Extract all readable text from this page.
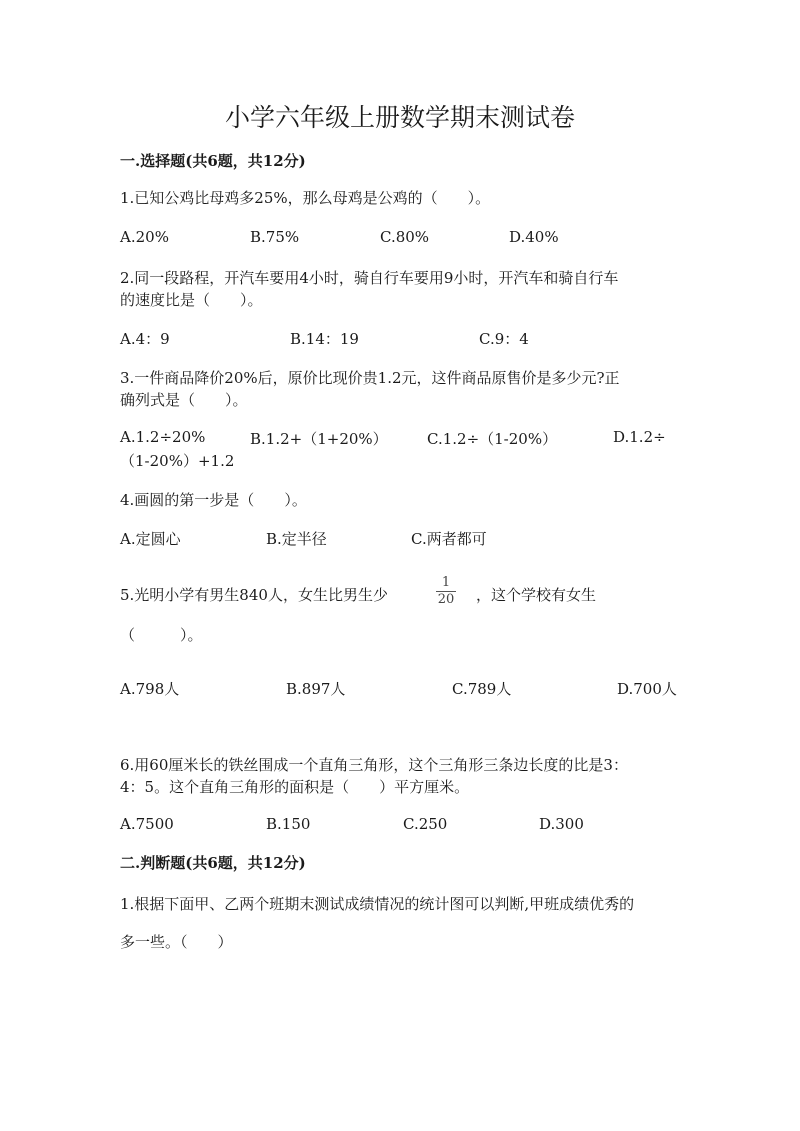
小学六年级上册数学期末测试卷
一.选择题(共6题，共12分)
1.已知公鸡比母鸡多25%，那么母鸡是公鸡的（　　）。
A.20%	B.75%	C.80%	D.40%
2.同一段路程，开汽车要用4小时，骑自行车要用9小时，开汽车和骑自行车
的速度比是（　　）。
A.4：9	B.14：19	C.9：4
3.一件商品降价20%后，原价比现价贵1.2元，这件商品原售价是多少元?正
确列式是（　　）。
A.1.2÷20%	B.1.2+（1+20%）	C.1.2÷（1-20%）	D.1.2÷
（1-20%）+1.2
4.画圆的第一步是（　　）。
A.定圆心	B.定半径	C.两者都可
5.光明小学有男生840人，女生比男生少
1
20 ，这个学校有女生
（　　　）。
A.798人	B.897人	C.789人	D.700人
6.用60厘米长的铁丝围成一个直角三角形，这个三角形三条边长度的比是3：
4：5。这个直角三角形的面积是（　　）平方厘米。
A.7500	B.150	C.250	D.300
二.判断题(共6题，共12分)
1.根据下面甲、乙两个班期末测试成绩情况的统计图可以判断,甲班成绩优秀的
多一些。（　　）
